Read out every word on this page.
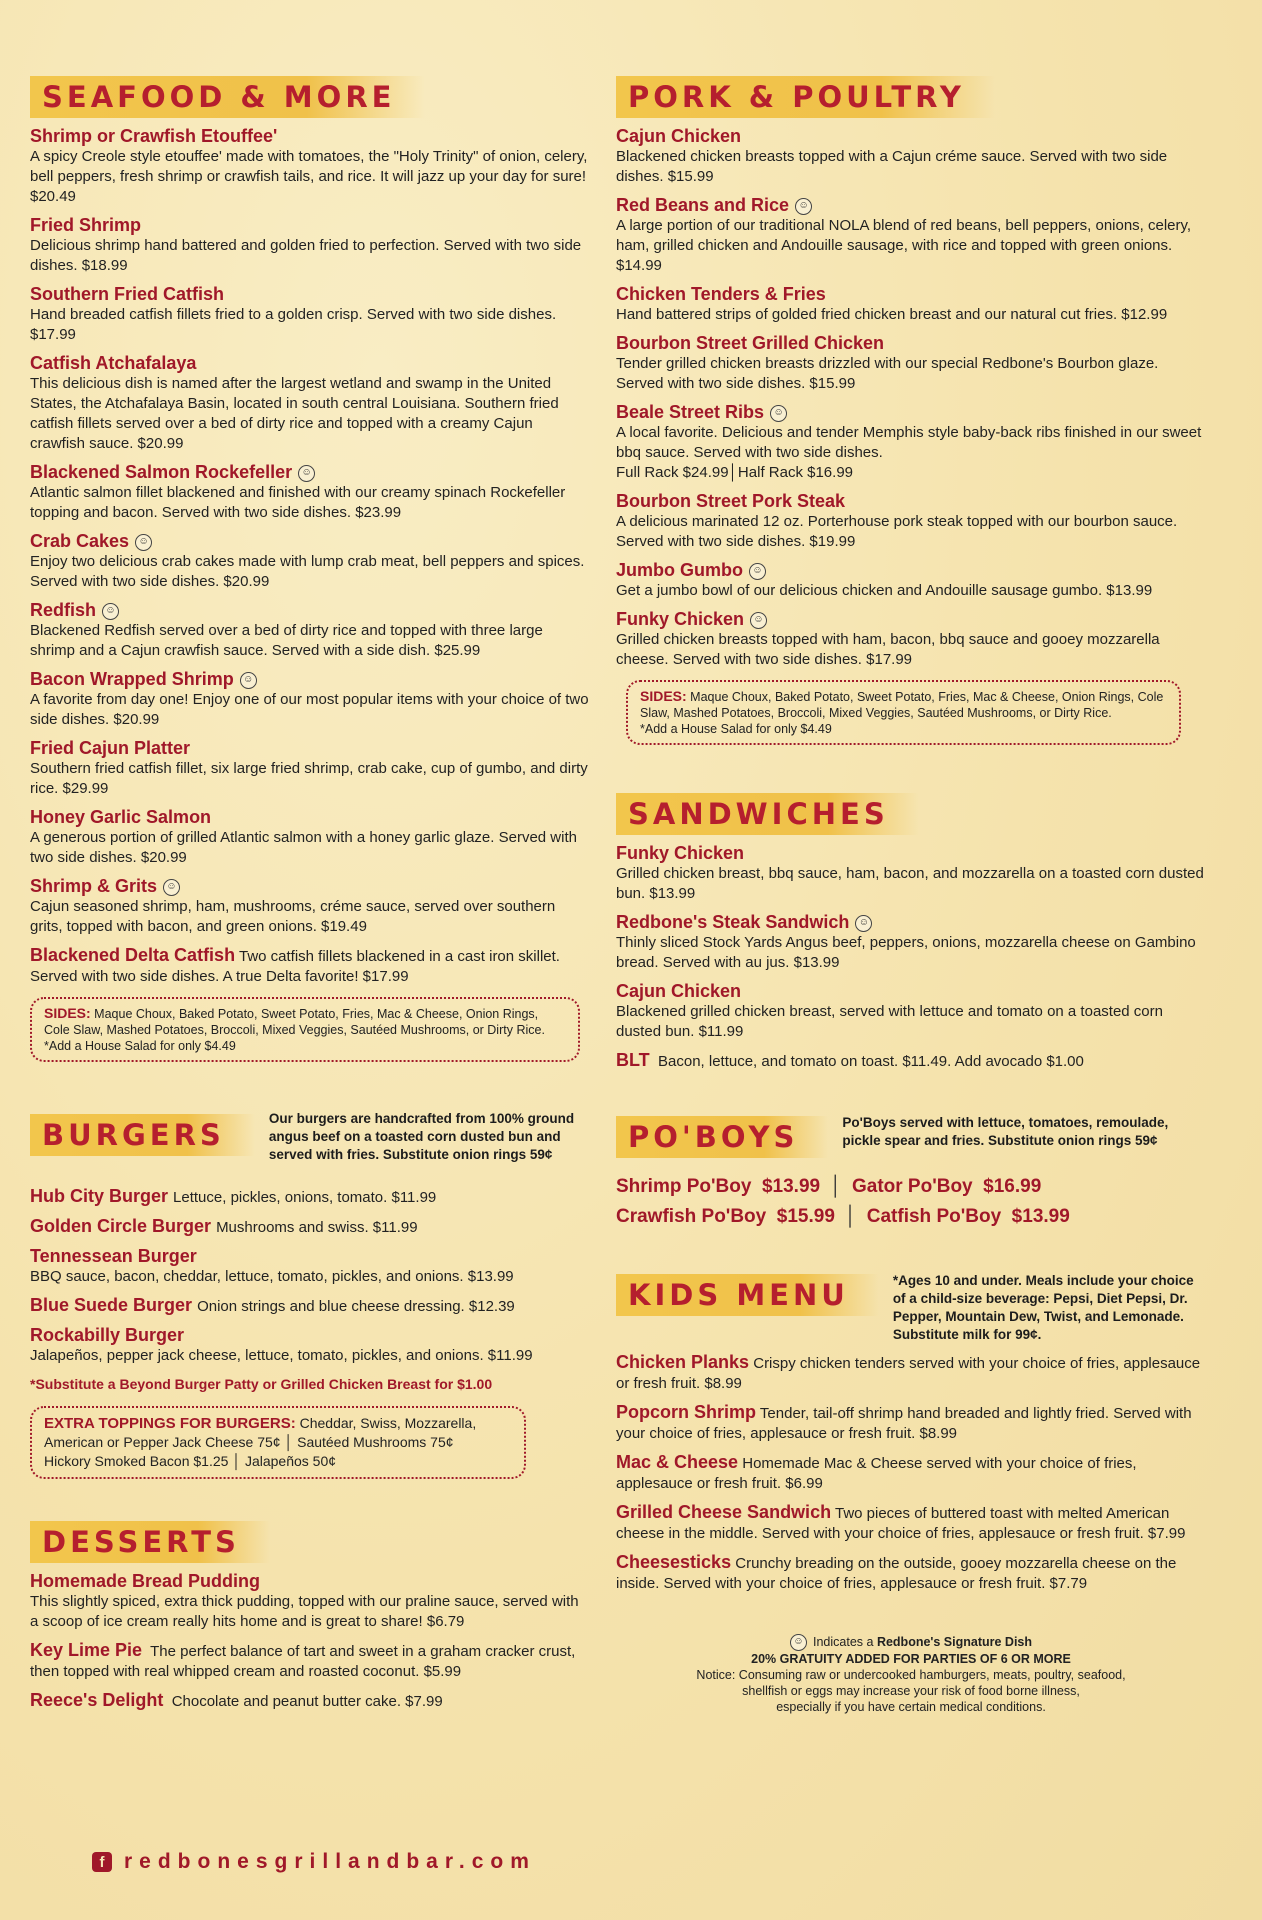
SEAFOOD & MORE
Shrimp or Crawfish Etouffee'
A spicy Creole style etouffee' made with tomatoes, the "Holy Trinity" of onion, celery, bell peppers, fresh shrimp or crawfish tails, and rice. It will jazz up your day for sure! $20.49
Fried Shrimp
Delicious shrimp hand battered and golden fried to perfection. Served with two side dishes. $18.99
Southern Fried Catfish
Hand breaded catfish fillets fried to a golden crisp. Served with two side dishes. $17.99
Catfish Atchafalaya
This delicious dish is named after the largest wetland and swamp in the United States, the Atchafalaya Basin, located in south central Louisiana. Southern fried catfish fillets served over a bed of dirty rice and topped with a creamy Cajun crawfish sauce. $20.99
Blackened Salmon Rockefeller ☺
Atlantic salmon fillet blackened and finished with our creamy spinach Rockefeller topping and bacon. Served with two side dishes. $23.99
Crab Cakes ☺
Enjoy two delicious crab cakes made with lump crab meat, bell peppers and spices. Served with two side dishes. $20.99
Redfish ☺
Blackened Redfish served over a bed of dirty rice and topped with three large shrimp and a Cajun crawfish sauce. Served with a side dish. $25.99
Bacon Wrapped Shrimp ☺
A favorite from day one! Enjoy one of our most popular items with your choice of two side dishes. $20.99
Fried Cajun Platter
Southern fried catfish fillet, six large fried shrimp, crab cake, cup of gumbo, and dirty rice. $29.99
Honey Garlic Salmon
A generous portion of grilled Atlantic salmon with a honey garlic glaze. Served with two side dishes. $20.99
Shrimp & Grits ☺
Cajun seasoned shrimp, ham, mushrooms, créme sauce, served over southern grits, topped with bacon, and green onions. $19.49
Blackened Delta Catfish Two catfish fillets blackened in a cast iron skillet. Served with two side dishes. A true Delta favorite! $17.99
SIDES: Maque Choux, Baked Potato, Sweet Potato, Fries, Mac & Cheese, Onion Rings, Cole Slaw, Mashed Potatoes, Broccoli, Mixed Veggies, Sautéed Mushrooms, or Dirty Rice.
*Add a House Salad for only $4.49
BURGERS	Our burgers are handcrafted from 100% ground angus beef on a toasted corn dusted bun and served with fries. Substitute onion rings 59¢
Hub City Burger Lettuce, pickles, onions, tomato. $11.99
Golden Circle Burger Mushrooms and swiss. $11.99
Tennessean Burger
BBQ sauce, bacon, cheddar, lettuce, tomato, pickles, and onions. $13.99
Blue Suede Burger Onion strings and blue cheese dressing. $12.39
Rockabilly Burger
Jalapeños, pepper jack cheese, lettuce, tomato, pickles, and onions. $11.99
*Substitute a Beyond Burger Patty or Grilled Chicken Breast for $1.00
EXTRA TOPPINGS FOR BURGERS: Cheddar, Swiss, Mozzarella,
American or Pepper Jack Cheese 75¢ │ Sautéed Mushrooms 75¢
Hickory Smoked Bacon $1.25 │ Jalapeños 50¢
DESSERTS
Homemade Bread Pudding
This slightly spiced, extra thick pudding, topped with our praline sauce, served with a scoop of ice cream really hits home and is great to share! $6.79
Key Lime Pie The perfect balance of tart and sweet in a graham cracker crust, then topped with real whipped cream and roasted coconut. $5.99
Reece's Delight Chocolate and peanut butter cake. $7.99
PORK & POULTRY
Cajun Chicken
Blackened chicken breasts topped with a Cajun créme sauce. Served with two side dishes. $15.99
Red Beans and Rice ☺
A large portion of our traditional NOLA blend of red beans, bell peppers, onions, celery, ham, grilled chicken and Andouille sausage, with rice and topped with green onions. $14.99
Chicken Tenders & Fries
Hand battered strips of golded fried chicken breast and our natural cut fries. $12.99
Bourbon Street Grilled Chicken
Tender grilled chicken breasts drizzled with our special Redbone's Bourbon glaze. Served with two side dishes. $15.99
Beale Street Ribs ☺
A local favorite. Delicious and tender Memphis style baby-back ribs finished in our sweet bbq sauce. Served with two side dishes.
Full Rack $24.99│Half Rack $16.99
Bourbon Street Pork Steak
A delicious marinated 12 oz. Porterhouse pork steak topped with our bourbon sauce. Served with two side dishes. $19.99
Jumbo Gumbo ☺
Get a jumbo bowl of our delicious chicken and Andouille sausage gumbo. $13.99
Funky Chicken ☺
Grilled chicken breasts topped with ham, bacon, bbq sauce and gooey mozzarella cheese. Served with two side dishes. $17.99
SIDES: Maque Choux, Baked Potato, Sweet Potato, Fries, Mac & Cheese, Onion Rings, Cole Slaw, Mashed Potatoes, Broccoli, Mixed Veggies, Sautéed Mushrooms, or Dirty Rice.
*Add a House Salad for only $4.49
SANDWICHES
Funky Chicken
Grilled chicken breast, bbq sauce, ham, bacon, and mozzarella on a toasted corn dusted bun. $13.99
Redbone's Steak Sandwich ☺
Thinly sliced Stock Yards Angus beef, peppers, onions, mozzarella cheese on Gambino bread. Served with au jus. $13.99
Cajun Chicken
Blackened grilled chicken breast, served with lettuce and tomato on a toasted corn dusted bun. $11.99
BLT Bacon, lettuce, and tomato on toast. $11.49. Add avocado $1.00
PO'BOYS	Po'Boys served with lettuce, tomatoes, remoulade, pickle spear and fries. Substitute onion rings 59¢
Shrimp Po'Boy  $13.99 │ Gator Po'Boy  $16.99
Crawfish Po'Boy  $15.99 │ Catfish Po'Boy  $13.99
KIDS MENU	*Ages 10 and under. Meals include your choice of a child-size beverage: Pepsi, Diet Pepsi, Dr. Pepper, Mountain Dew, Twist, and Lemonade. Substitute milk for 99¢.
Chicken Planks Crispy chicken tenders served with your choice of fries, applesauce or fresh fruit. $8.99
Popcorn Shrimp Tender, tail-off shrimp hand breaded and lightly fried. Served with your choice of fries, applesauce or fresh fruit. $8.99
Mac & Cheese Homemade Mac & Cheese served with your choice of fries, applesauce or fresh fruit. $6.99
Grilled Cheese Sandwich Two pieces of buttered toast with melted American cheese in the middle. Served with your choice of fries, applesauce or fresh fruit. $7.99
Cheesesticks Crunchy breading on the outside, gooey mozzarella cheese on the inside. Served with your choice of fries, applesauce or fresh fruit. $7.79
☺ Indicates a Redbone's Signature Dish
20% GRATUITY ADDED FOR PARTIES OF 6 OR MORE
Notice: Consuming raw or undercooked hamburgers, meats, poultry, seafood,
shellfish or eggs may increase your risk of food borne illness,
especially if you have certain medical conditions.
f redbonesgrillandbar.com
